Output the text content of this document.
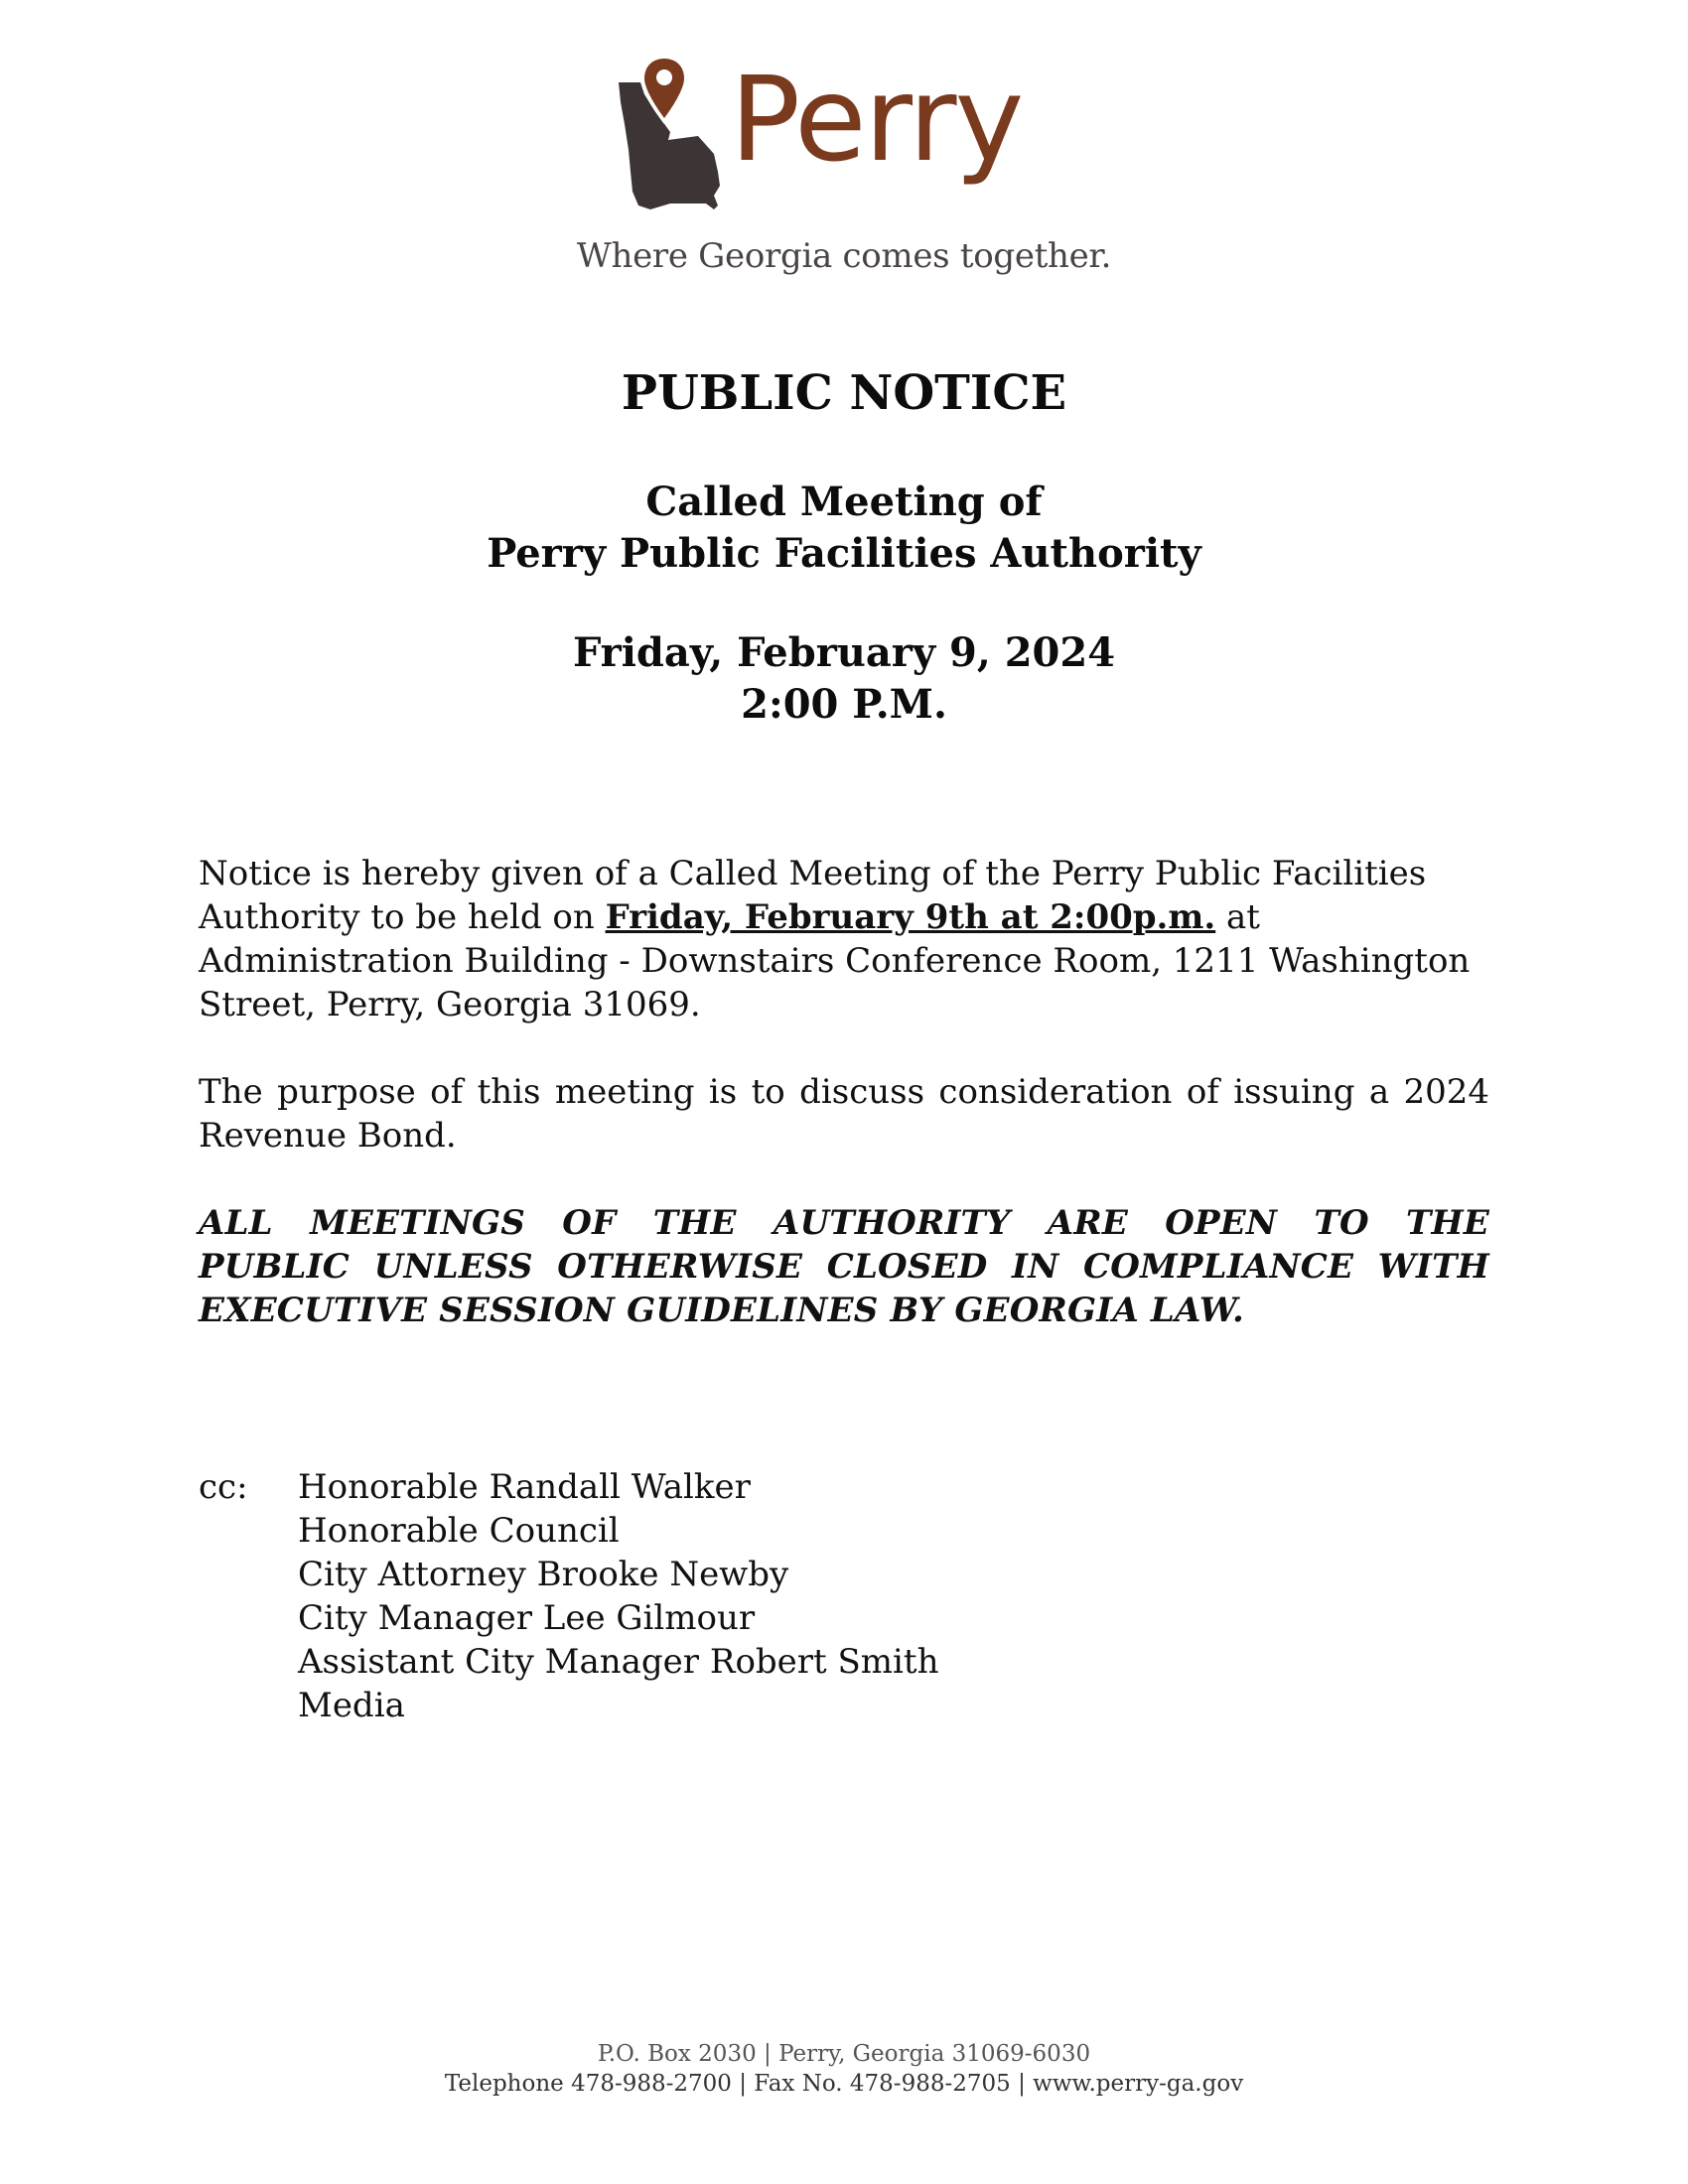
Perry
Where Georgia comes together.
PUBLIC NOTICE
Called Meeting of
Perry Public Facilities Authority
Friday, February 9, 2024
2:00 P.M.
Notice is hereby given of a Called Meeting of the Perry Public Facilities Authority to be held on Friday, February 9th at 2:00p.m. at Administration Building - Downstairs Conference Room, 1211 Washington Street, Perry, Georgia 31069.
The purpose of this meeting is to discuss consideration of issuing a 2024 Revenue Bond.
ALL MEETINGS OF THE AUTHORITY ARE OPEN TO THE
PUBLIC UNLESS OTHERWISE CLOSED IN COMPLIANCE WITH
EXECUTIVE SESSION GUIDELINES BY GEORGIA LAW.
cc: Honorable Randall Walker
Honorable Council
City Attorney Brooke Newby
City Manager Lee Gilmour
Assistant City Manager Robert Smith
Media
P.O. Box 2030 | Perry, Georgia 31069-6030
Telephone 478-988-2700 | Fax No. 478-988-2705 | www.perry-ga.gov
